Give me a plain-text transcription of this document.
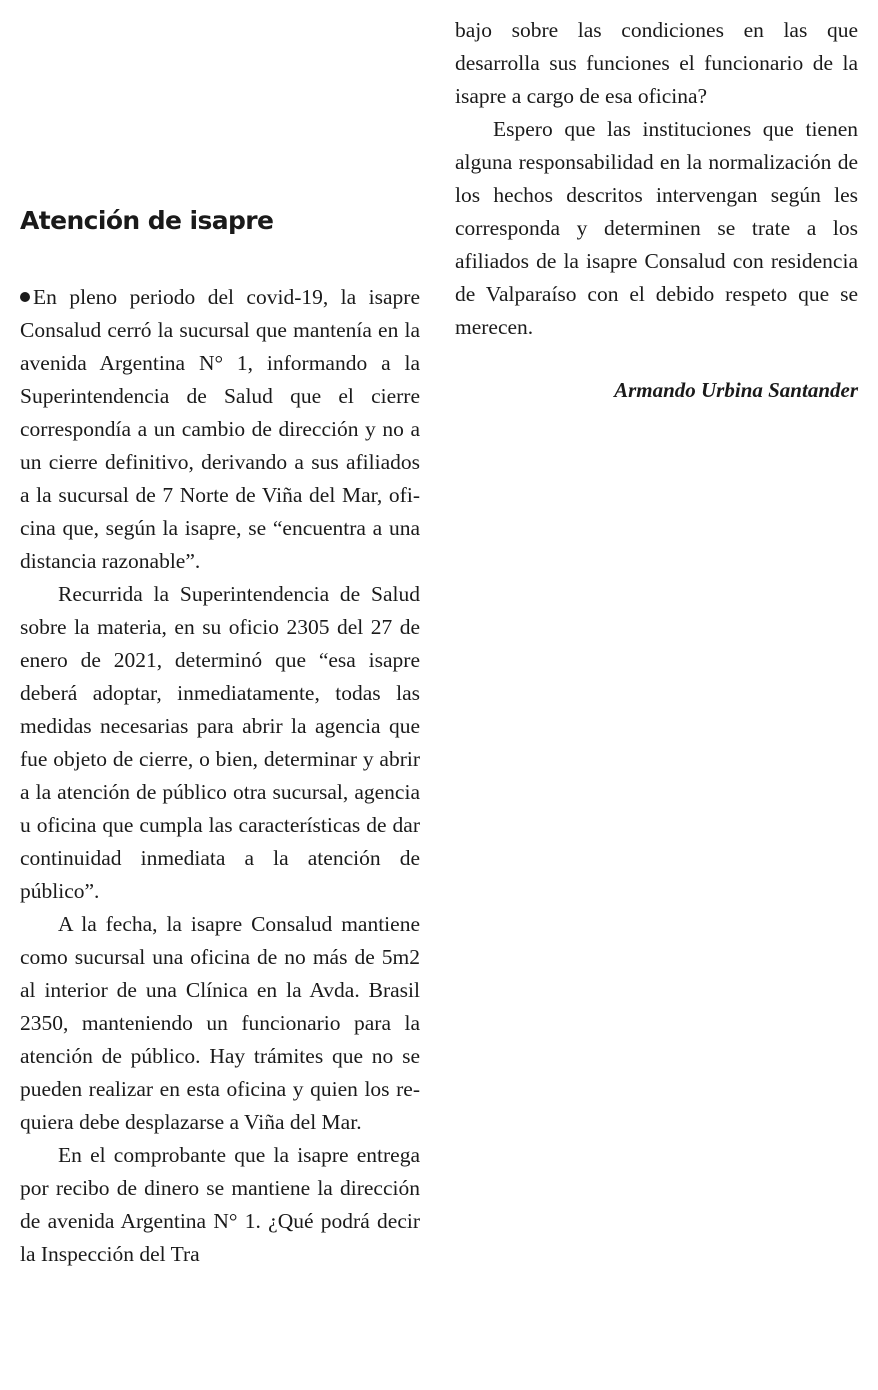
Atención de isapre

En pleno periodo del covid-19, la isapre Consalud cerró la sucursal que mantenía en la avenida Argentina N° 1, informando a la Superintendencia de Salud que el cierre correspondía a un cambio de dirección y no a un cierre definitivo, derivando a sus afiliados a la sucursal de 7 Norte de Viña del Mar, oficina que, según la isapre, se “encuentra a una distancia razonable”.

Recurrida la Superintendencia de Salud sobre la materia, en su oficio 2305 del 27 de enero de 2021, determinó que “esa isapre deberá adoptar, inmediatamente, todas las medidas necesarias para abrir la agencia que fue objeto de cierre, o bien, determinar y abrir a la atención de público otra sucursal, agencia u oficina que cumpla las características de dar continuidad inmediata a la atención de público”.

A la fecha, la isapre Consalud mantiene como sucursal una oficina de no más de 5m2 al interior de una Clínica en la Avda. Brasil 2350, manteniendo un funcionario para la atención de público. Hay trámites que no se pueden realizar en esta oficina y quien los requiera debe desplazarse a Viña del Mar.

En el comprobante que la isapre entrega por recibo de dinero se mantiene la dirección de avenida Argentina N° 1. ¿Qué podrá decir la Inspección del Tra

bajo sobre las condiciones en las que desarrolla sus funciones el funcionario de la isapre a cargo de esa oficina?

Espero que las instituciones que tienen alguna responsabilidad en la normalización de los hechos descritos intervengan según les corresponda y determinen se trate a los afiliados de la isapre Consalud con residencia de Valparaíso con el debido respeto que se merecen.

Armando Urbina Santander
